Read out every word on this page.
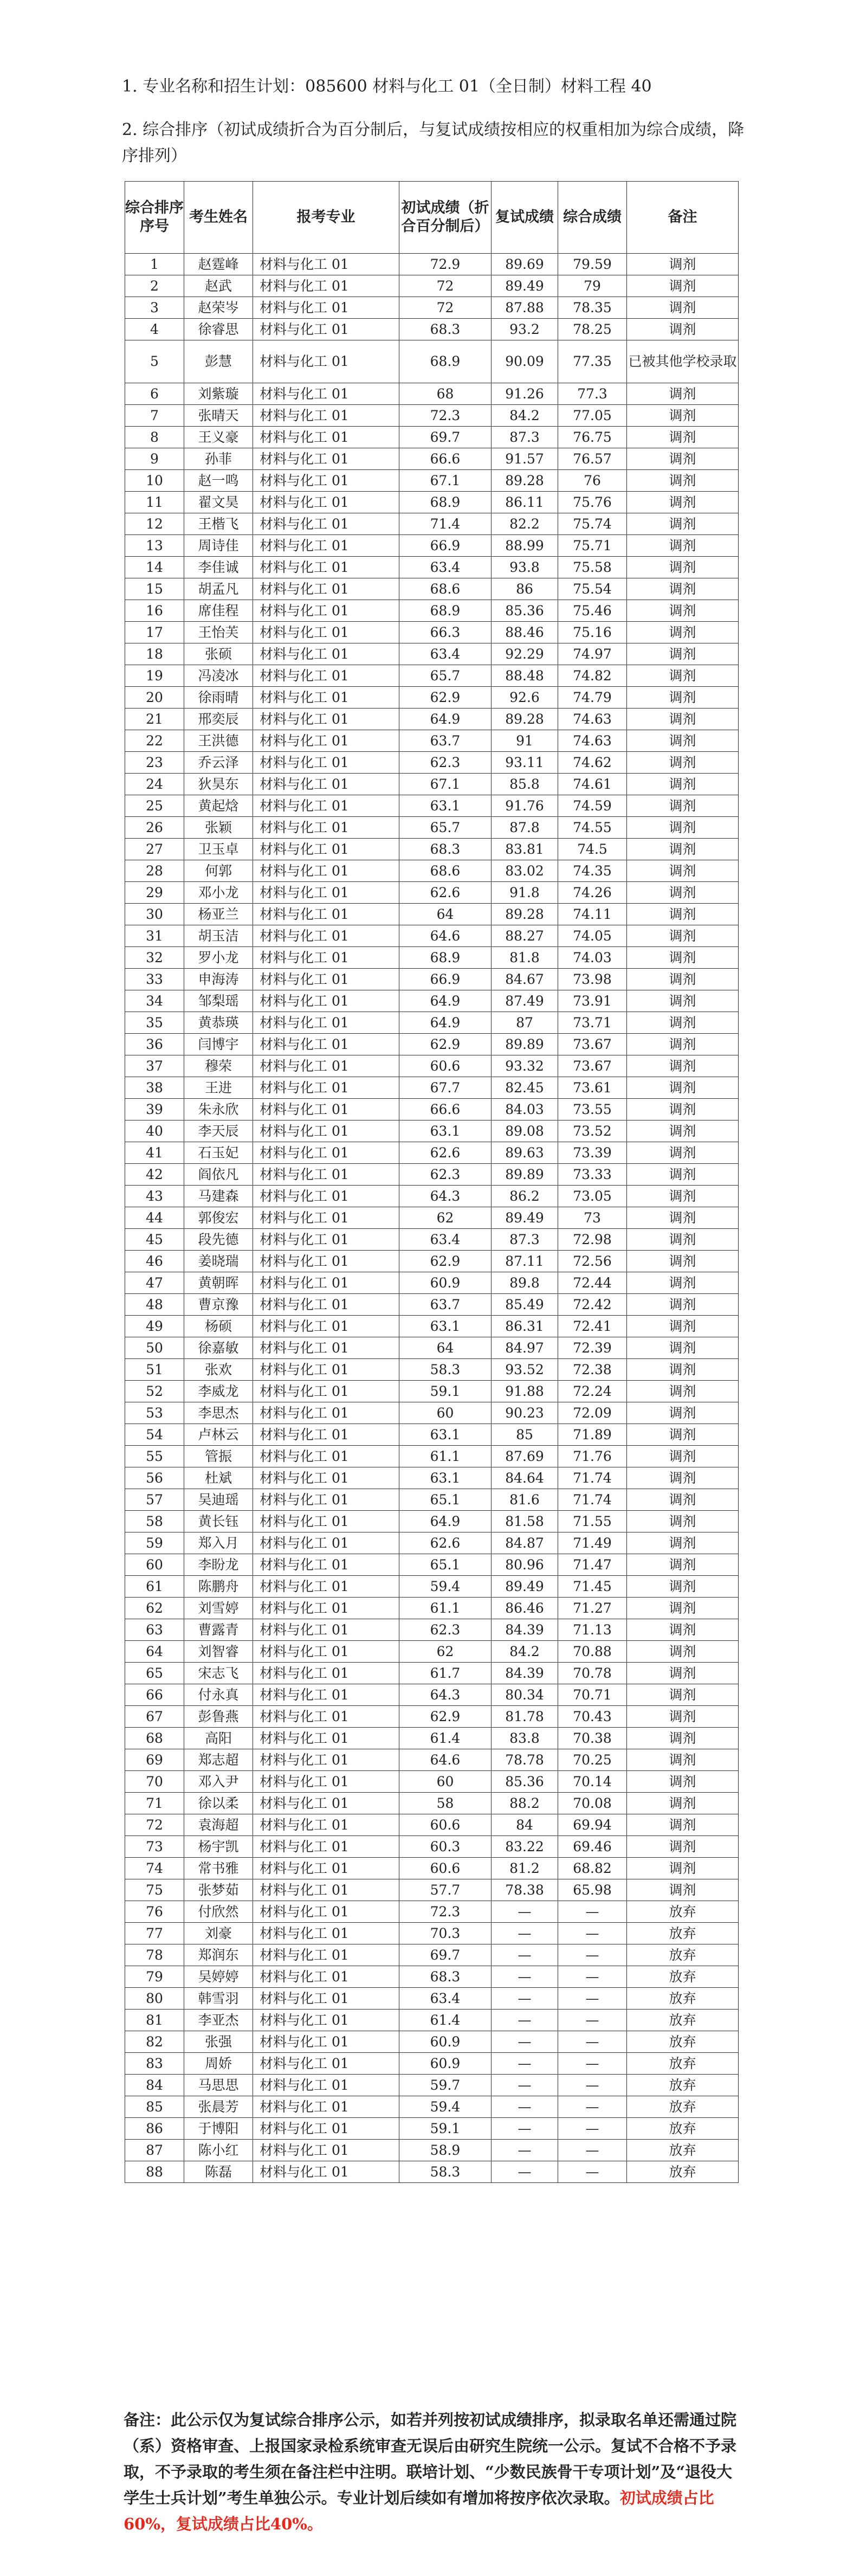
1. 专业名称和招生计划：085600 材料与化工 01（全日制）材料工程 40
2. 综合排序（初试成绩折合为百分制后，与复试成绩按相应的权重相加为综合成绩，降序排列）
综合排序序号	考生姓名	报考专业	初试成绩（折合百分制后）	复试成绩	综合成绩	备注
1	赵霆峰	材料与化工 01	72.9	89.69	79.59	调剂
2	赵武	材料与化工 01	72	89.49	79	调剂
3	赵荣岑	材料与化工 01	72	87.88	78.35	调剂
4	徐睿思	材料与化工 01	68.3	93.2	78.25	调剂
5	彭慧	材料与化工 01	68.9	90.09	77.35	已被其他学校录取
6	刘紫璇	材料与化工 01	68	91.26	77.3	调剂
7	张晴天	材料与化工 01	72.3	84.2	77.05	调剂
8	王义豪	材料与化工 01	69.7	87.3	76.75	调剂
9	孙菲	材料与化工 01	66.6	91.57	76.57	调剂
10	赵一鸣	材料与化工 01	67.1	89.28	76	调剂
11	翟文昊	材料与化工 01	68.9	86.11	75.76	调剂
12	王楷飞	材料与化工 01	71.4	82.2	75.74	调剂
13	周诗佳	材料与化工 01	66.9	88.99	75.71	调剂
14	李佳诚	材料与化工 01	63.4	93.8	75.58	调剂
15	胡孟凡	材料与化工 01	68.6	86	75.54	调剂
16	席佳程	材料与化工 01	68.9	85.36	75.46	调剂
17	王怡芙	材料与化工 01	66.3	88.46	75.16	调剂
18	张硕	材料与化工 01	63.4	92.29	74.97	调剂
19	冯凌冰	材料与化工 01	65.7	88.48	74.82	调剂
20	徐雨晴	材料与化工 01	62.9	92.6	74.79	调剂
21	邢奕辰	材料与化工 01	64.9	89.28	74.63	调剂
22	王洪德	材料与化工 01	63.7	91	74.63	调剂
23	乔云泽	材料与化工 01	62.3	93.11	74.62	调剂
24	狄昊东	材料与化工 01	67.1	85.8	74.61	调剂
25	黄起焓	材料与化工 01	63.1	91.76	74.59	调剂
26	张颖	材料与化工 01	65.7	87.8	74.55	调剂
27	卫玉卓	材料与化工 01	68.3	83.81	74.5	调剂
28	何郭	材料与化工 01	68.6	83.02	74.35	调剂
29	邓小龙	材料与化工 01	62.6	91.8	74.26	调剂
30	杨亚兰	材料与化工 01	64	89.28	74.11	调剂
31	胡玉洁	材料与化工 01	64.6	88.27	74.05	调剂
32	罗小龙	材料与化工 01	68.9	81.8	74.03	调剂
33	申海涛	材料与化工 01	66.9	84.67	73.98	调剂
34	邹梨瑶	材料与化工 01	64.9	87.49	73.91	调剂
35	黄恭瑛	材料与化工 01	64.9	87	73.71	调剂
36	闫博宇	材料与化工 01	62.9	89.89	73.67	调剂
37	穆荣	材料与化工 01	60.6	93.32	73.67	调剂
38	王进	材料与化工 01	67.7	82.45	73.61	调剂
39	朱永欣	材料与化工 01	66.6	84.03	73.55	调剂
40	李天辰	材料与化工 01	63.1	89.08	73.52	调剂
41	石玉妃	材料与化工 01	62.6	89.63	73.39	调剂
42	阎依凡	材料与化工 01	62.3	89.89	73.33	调剂
43	马建森	材料与化工 01	64.3	86.2	73.05	调剂
44	郭俊宏	材料与化工 01	62	89.49	73	调剂
45	段先德	材料与化工 01	63.4	87.3	72.98	调剂
46	姜晓瑞	材料与化工 01	62.9	87.11	72.56	调剂
47	黄朝晖	材料与化工 01	60.9	89.8	72.44	调剂
48	曹京豫	材料与化工 01	63.7	85.49	72.42	调剂
49	杨硕	材料与化工 01	63.1	86.31	72.41	调剂
50	徐嘉敏	材料与化工 01	64	84.97	72.39	调剂
51	张欢	材料与化工 01	58.3	93.52	72.38	调剂
52	李威龙	材料与化工 01	59.1	91.88	72.24	调剂
53	李思杰	材料与化工 01	60	90.23	72.09	调剂
54	卢林云	材料与化工 01	63.1	85	71.89	调剂
55	管振	材料与化工 01	61.1	87.69	71.76	调剂
56	杜斌	材料与化工 01	63.1	84.64	71.74	调剂
57	吴迪瑶	材料与化工 01	65.1	81.6	71.74	调剂
58	黄长钰	材料与化工 01	64.9	81.58	71.55	调剂
59	郑入月	材料与化工 01	62.6	84.87	71.49	调剂
60	李盼龙	材料与化工 01	65.1	80.96	71.47	调剂
61	陈鹏舟	材料与化工 01	59.4	89.49	71.45	调剂
62	刘雪婷	材料与化工 01	61.1	86.46	71.27	调剂
63	曹露青	材料与化工 01	62.3	84.39	71.13	调剂
64	刘智睿	材料与化工 01	62	84.2	70.88	调剂
65	宋志飞	材料与化工 01	61.7	84.39	70.78	调剂
66	付永真	材料与化工 01	64.3	80.34	70.71	调剂
67	彭鲁燕	材料与化工 01	62.9	81.78	70.43	调剂
68	高阳	材料与化工 01	61.4	83.8	70.38	调剂
69	郑志超	材料与化工 01	64.6	78.78	70.25	调剂
70	邓入尹	材料与化工 01	60	85.36	70.14	调剂
71	徐以柔	材料与化工 01	58	88.2	70.08	调剂
72	袁海超	材料与化工 01	60.6	84	69.94	调剂
73	杨宇凯	材料与化工 01	60.3	83.22	69.46	调剂
74	常书雅	材料与化工 01	60.6	81.2	68.82	调剂
75	张梦茹	材料与化工 01	57.7	78.38	65.98	调剂
76	付欣然	材料与化工 01	72.3	—	—	放弃
77	刘豪	材料与化工 01	70.3	—	—	放弃
78	郑润东	材料与化工 01	69.7	—	—	放弃
79	吴婷婷	材料与化工 01	68.3	—	—	放弃
80	韩雪羽	材料与化工 01	63.4	—	—	放弃
81	李亚杰	材料与化工 01	61.4	—	—	放弃
82	张强	材料与化工 01	60.9	—	—	放弃
83	周娇	材料与化工 01	60.9	—	—	放弃
84	马思思	材料与化工 01	59.7	—	—	放弃
85	张晨芳	材料与化工 01	59.4	—	—	放弃
86	于博阳	材料与化工 01	59.1	—	—	放弃
87	陈小红	材料与化工 01	58.9	—	—	放弃
88	陈磊	材料与化工 01	58.3	—	—	放弃
备注：此公示仅为复试综合排序公示，如若并列按初试成绩排序，拟录取名单还需通过院（系）资格审查、上报国家录检系统审查无误后由研究生院统一公示。复试不合格不予录取，不予录取的考生须在备注栏中注明。联培计划、“少数民族骨干专项计划”及“退役大学生士兵计划”考生单独公示。专业计划后续如有增加将按序依次录取。初试成绩占比60%，复试成绩占比40%。
